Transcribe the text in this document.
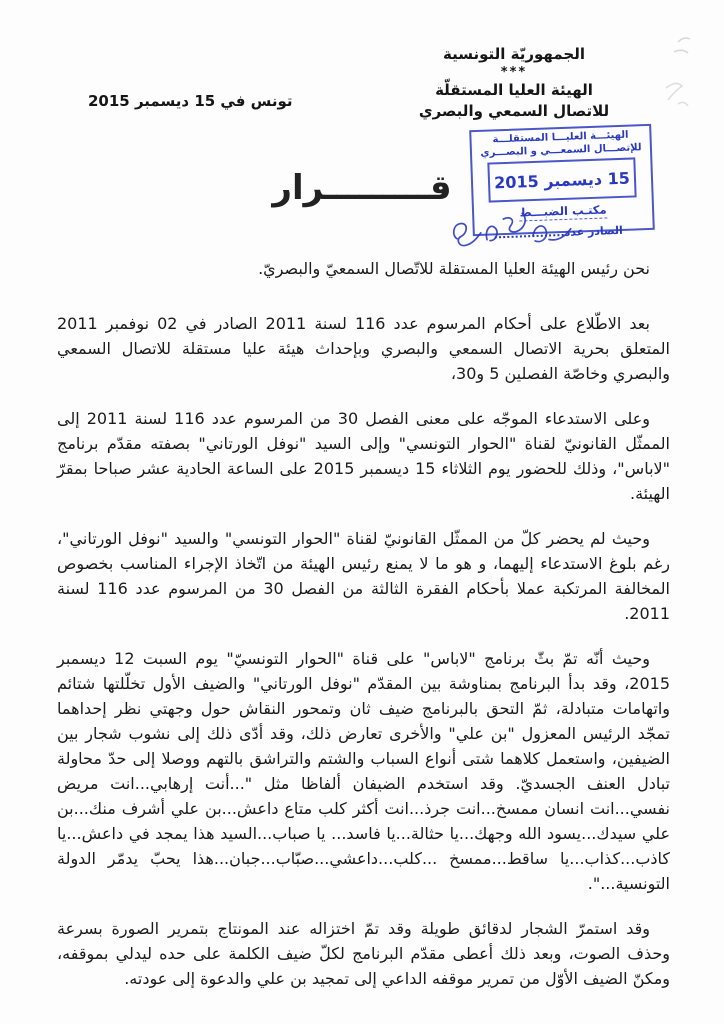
الجمهوريّة التونسية
***
الهيئة العليا المستقلّة
للاتصال السمعي والبصري
تونس في 15 ديسمبر 2015
الهيئـــة العليـــا المستقلـــة
للإتصـــال السمعـــي و البصـــري
15 ديسمبر 2015
مكتـب الضبـــط
الصادر عدد.................
قـــــــــرار

نحن رئيس الهيئة العليا المستقلة للاتّصال السمعيّ والبصريّ.

بعد الاطّلاع على أحكام المرسوم عدد 116 لسنة 2011 الصادر في 02 نوفمبر 2011 المتعلق بحرية الاتصال السمعي والبصري وبإحداث هيئة عليا مستقلة للاتصال السمعي والبصري وخاصّة الفصلين 5 و30،

وعلى الاستدعاء الموجّه على معنى الفصل 30 من المرسوم عدد 116 لسنة 2011 إلى الممثّل القانونيّ لقناة "الحوار التونسي" وإلى السيد "نوفل الورتاني" بصفته مقدّم برنامج "لاباس"، وذلك للحضور يوم الثلاثاء 15 ديسمبر 2015 على الساعة الحادية عشر صباحا بمقرّ الهيئة.

وحيث لم يحضر كلّ من الممثّل القانونيّ لقناة "الحوار التونسي" والسيد "نوفل الورتاني"، رغم بلوغ الاستدعاء إليهما، و هو ما لا يمنع رئيس الهيئة من اتّخاذ الإجراء المناسب بخصوص المخالفة المرتكبة عملا بأحكام الفقرة الثالثة من الفصل 30 من المرسوم عدد 116 لسنة 2011.

وحيث أنّه تمّ بثّ برنامج "لاباس" على قناة "الحوار التونسيّ" يوم السبت 12 ديسمبر 2015، وقد بدأ البرنامج بمناوشة بين المقدّم "نوفل الورتاني" والضيف الأول تخلّلتها شتائم واتهامات متبادلة، ثمّ التحق بالبرنامج ضيف ثان وتمحور النقاش حول وجهتي نظر إحداهما تمجّد الرئيس المعزول "بن علي" والأخرى تعارض ذلك، وقد أدّى ذلك إلى نشوب شجار بين الضيفين، واستعمل كلاهما شتى أنواع السباب والشتم والتراشق بالتهم ووصلا إلى حدّ محاولة تبادل العنف الجسديّ. وقد استخدم الضيفان ألفاظا مثل "...أنت إرهابي...انت مريض نفسي...انت انسان ممسخ...انت جرذ...انت أكثر كلب متاع داعش...بن علي أشرف منك...بن علي سيدك...يسود الله وجهك...يا حثالة...يا فاسد... يا صباب...السيد هذا يمجد في داعش...يا كاذب...كذاب...يا ساقط...ممسخ ...كلب...داعشي...صبّاب...جبان...هذا يحبّ يدمّر الدولة التونسية...".

وقد استمرّ الشجار لدقائق طويلة وقد تمّ اختزاله عند المونتاج بتمرير الصورة بسرعة وحذف الصوت، وبعد ذلك أعطى مقدّم البرنامج لكلّ ضيف الكلمة على حده ليدلي بموقفه، ومكنّ الضيف الأوّل من تمرير موقفه الداعي إلى تمجيد بن علي والدعوة إلى عودته.
